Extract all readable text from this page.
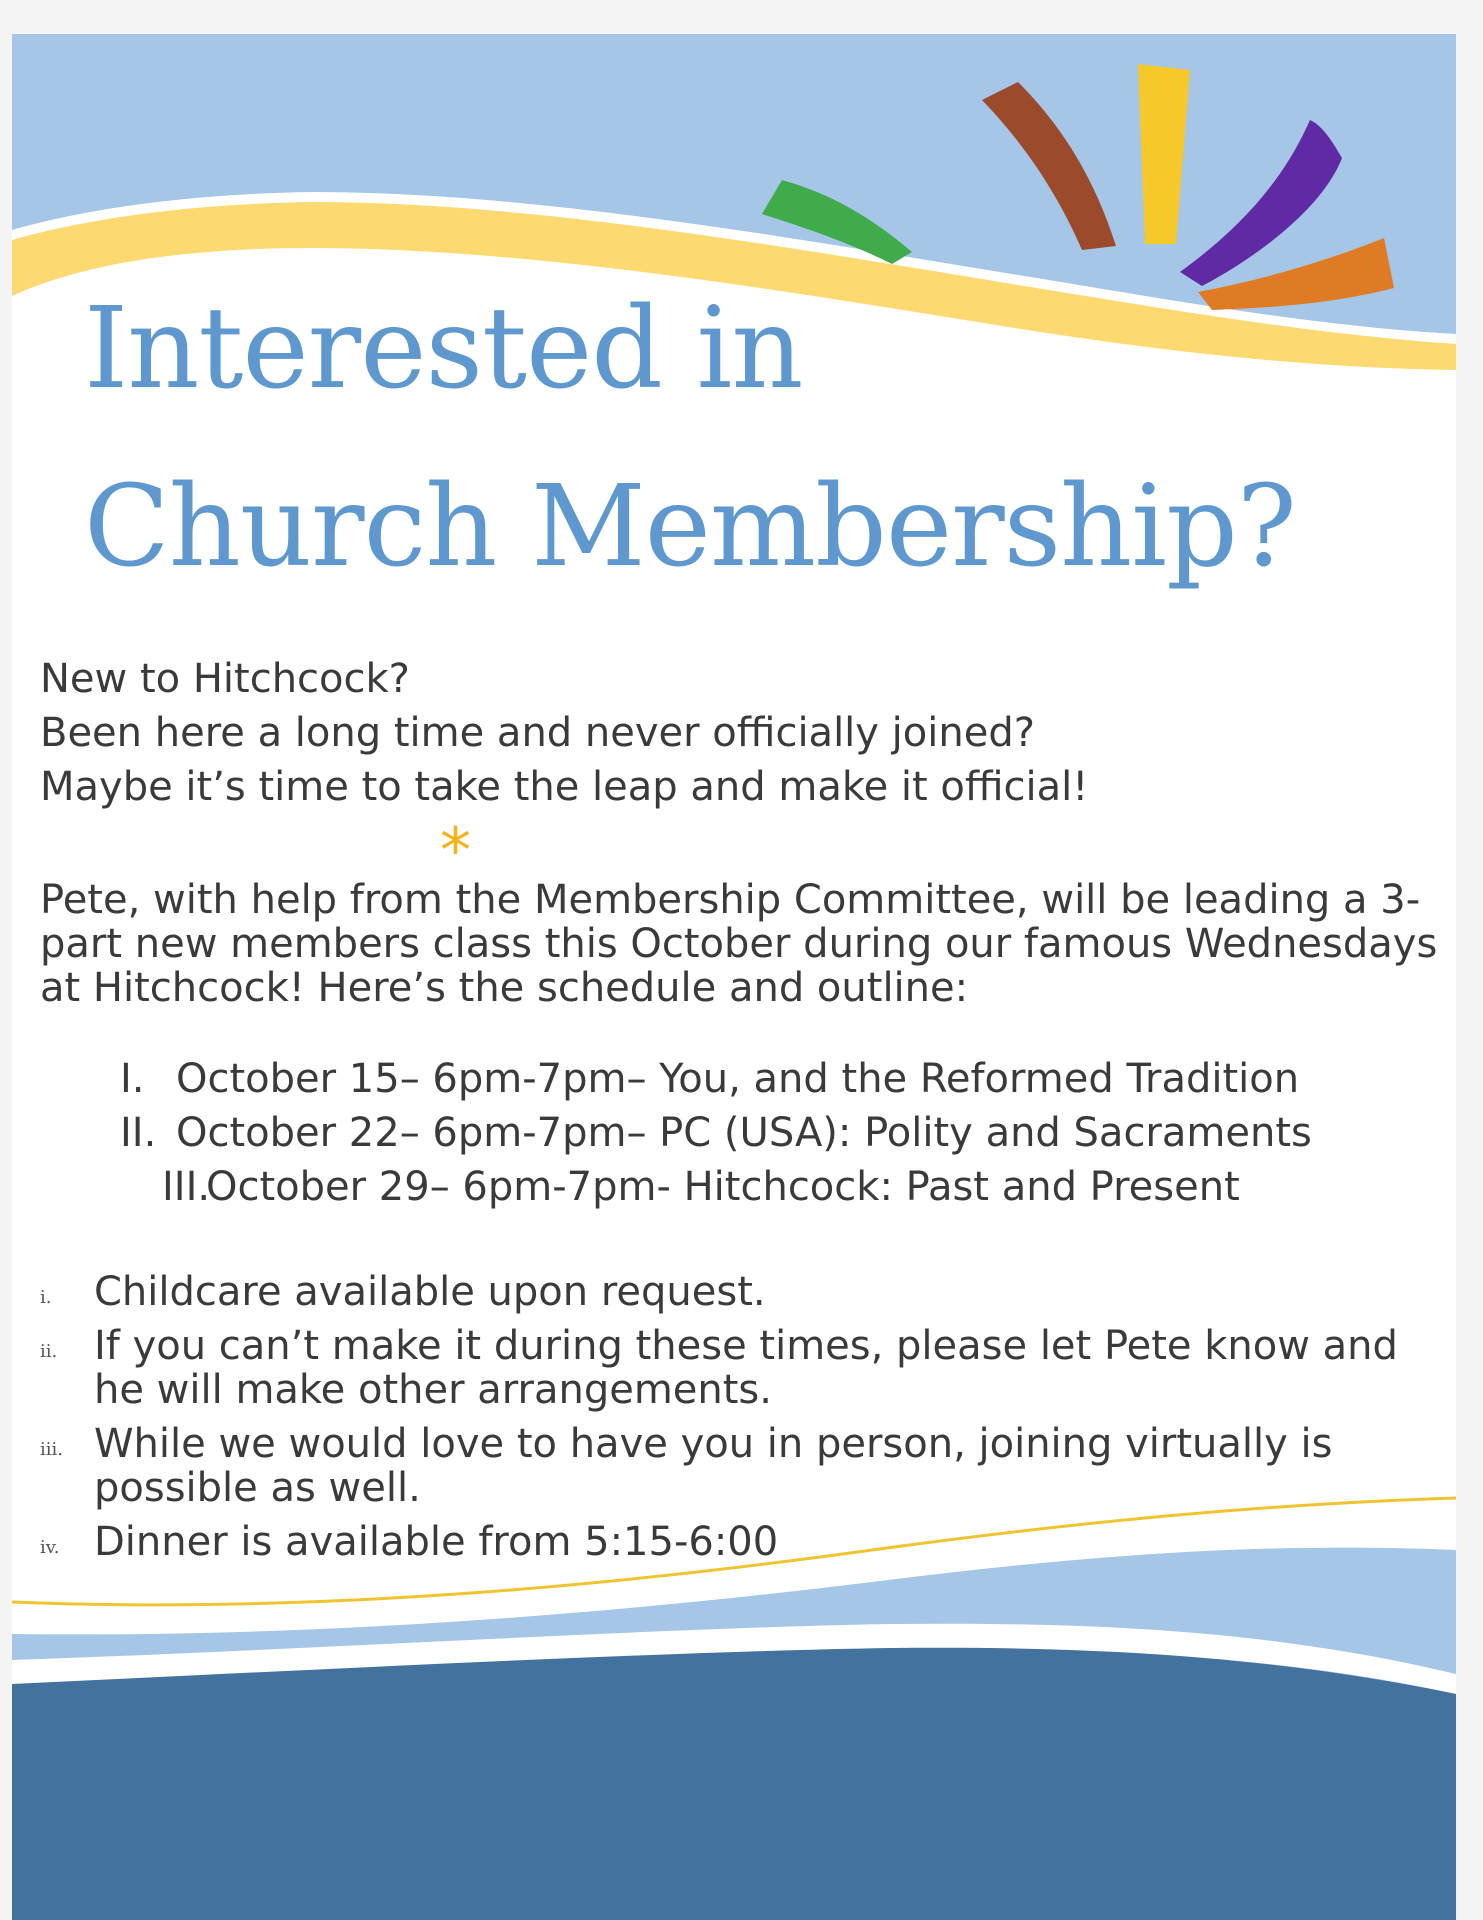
Interested in
Church Membership?
New to Hitchcock?
Been here a long time and never officially joined?
Maybe it’s time to take the leap and make it official!
*

Pete, with help from the Membership Committee, will be leading a 3-part new members class this October during our famous Wednesdays at Hitchcock! Here’s the schedule and outline:

I. October 15– 6pm-7pm– You, and the Reformed Tradition
II. October 22– 6pm-7pm– PC (USA): Polity and Sacraments
III.October 29– 6pm-7pm- Hitchcock: Past and Present
i. Childcare available upon request.
ii. If you can’t make it during these times, please let Pete know and he will make other arrangements.
iii. While we would love to have you in person, joining virtually is possible as well.
iv. Dinner is available from 5:15-6:00
